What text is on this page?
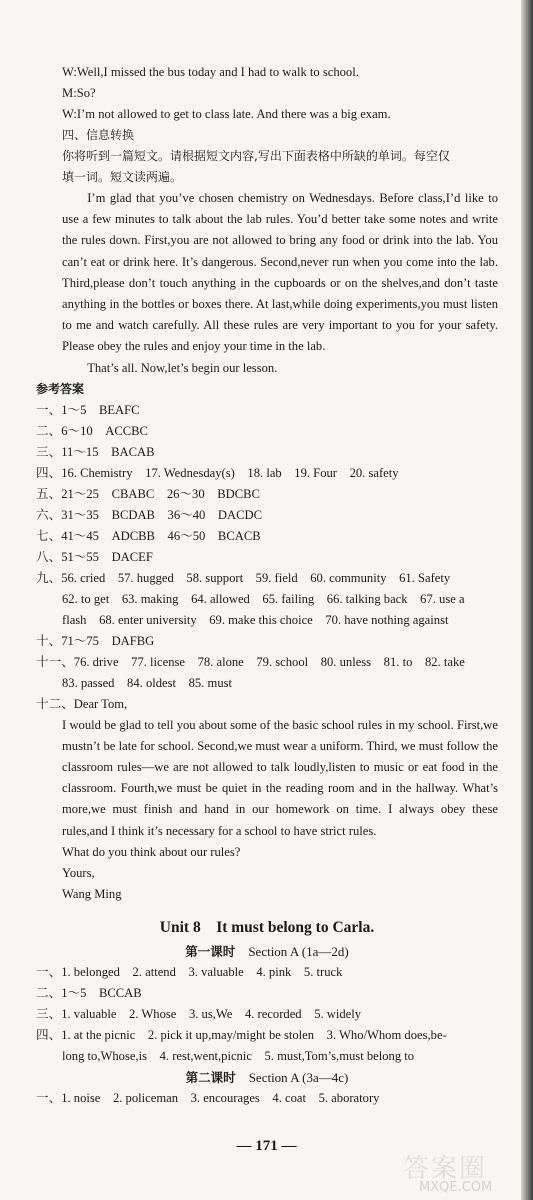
W:Well,I missed the bus today and I had to walk to school.

M:So?

W:I’m not allowed to get to class late. And there was a big exam.

四、信息转换

你将听到一篇短文。请根据短文内容,写出下面表格中所缺的单词。每空仅

填一词。短文读两遍。

I’m glad that you’ve chosen chemistry on Wednesdays. Before class,I’d like to use a few minutes to talk about the lab rules. You’d better take some notes and write the rules down. First,you are not allowed to bring any food or drink into the lab. You can’t eat or drink here. It’s dangerous. Second,never run when you come into the lab. Third,please don’t touch anything in the cupboards or on the shelves,and don’t taste anything in the bottles or boxes there. At last,while doing experiments,you must listen to me and watch carefully. All these rules are very important to you for your safety. Please obey the rules and enjoy your time in the lab.

That’s all. Now,let’s begin our lesson.

参考答案

一、1～5　BEAFC

二、6～10　ACCBC

三、11～15　BACAB

四、16. Chemistry　17. Wednesday(s)　18. lab　19. Four　20. safety

五、21～25　CBABC　26～30　BDCBC

六、31～35　BCDAB　36～40　DACDC

七、41～45　ADCBB　46～50　BCACB

八、51～55　DACEF

九、56. cried　57. hugged　58. support　59. field　60. community　61. Safety

62. to get　63. making　64. allowed　65. failing　66. talking back　67. use a

flash　68. enter university　69. make this choice　70. have nothing against

十、71～75　DAFBG

十一、76. drive　77. license　78. alone　79. school　80. unless　81. to　82. take

83. passed　84. oldest　85. must

十二、Dear Tom,

I would be glad to tell you about some of the basic school rules in my school. First,we mustn’t be late for school. Second,we must wear a uniform. Third, we must follow the classroom rules—we are not allowed to talk loudly,listen to music or eat food in the classroom. Fourth,we must be quiet in the reading room and in the hallway. What’s more,we must finish and hand in our homework on time. I always obey these rules,and I think it’s necessary for a school to have strict rules.

What do you think about our rules?

Yours,

Wang Ming

Unit 8　It must belong to Carla.

第一课时　 Section A (1a—2d)

一、1. belonged　2. attend　3. valuable　4. pink　5. truck

二、1～5　BCCAB

三、1. valuable　2. Whose　3. us,We　4. recorded　5. widely

四、1. at the picnic　2. pick it up,may/might be stolen　3. Who/Whom does,be-

long to,Whose,is　4. rest,went,picnic　5. must,Tom’s,must belong to

第二课时　 Section A (3a—4c)

一、1. noise　2. policeman　3. encourages　4. coat　5. aboratory

— 171 —
答案圈
MXQE.COM
